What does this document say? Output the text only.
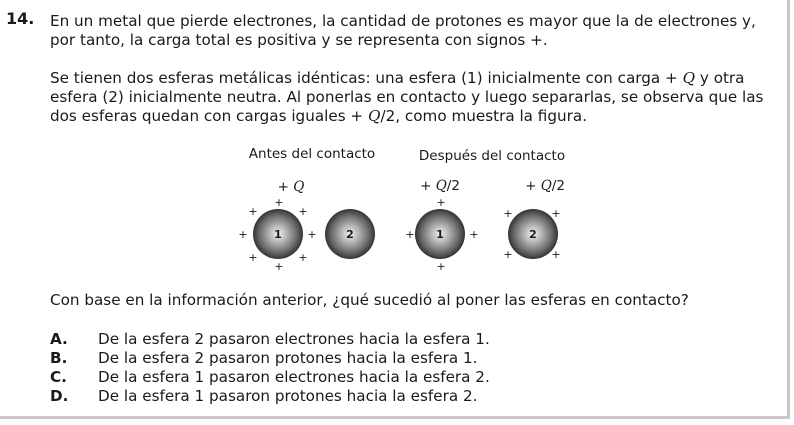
14. En un metal que pierde electrones, la cantidad de protones es mayor que la de electrones y, por tanto, la carga total es positiva y se representa con signos +.

Se tienen dos esferas metálicas idénticas: una esfera (1) inicialmente con carga + Q y otra esfera (2) inicialmente neutra. Al ponerlas en contacto y luego separarlas, se observa que las dos esferas quedan con cargas iguales + Q/2, como muestra la figura.

Antes del contacto	Después del contacto
+ Q	+ Q/2	+ Q/2
1	2	1	2
+
+	+
+	+
+	+
+
+
+	+
+
+	+
+	+

Con base en la información anterior, ¿qué sucedió al poner las esferas en contacto?

A. De la esfera 2 pasaron electrones hacia la esfera 1.
B. De la esfera 2 pasaron protones hacia la esfera 1.
C. De la esfera 1 pasaron electrones hacia la esfera 2.
D. De la esfera 1 pasaron protones hacia la esfera 2.
